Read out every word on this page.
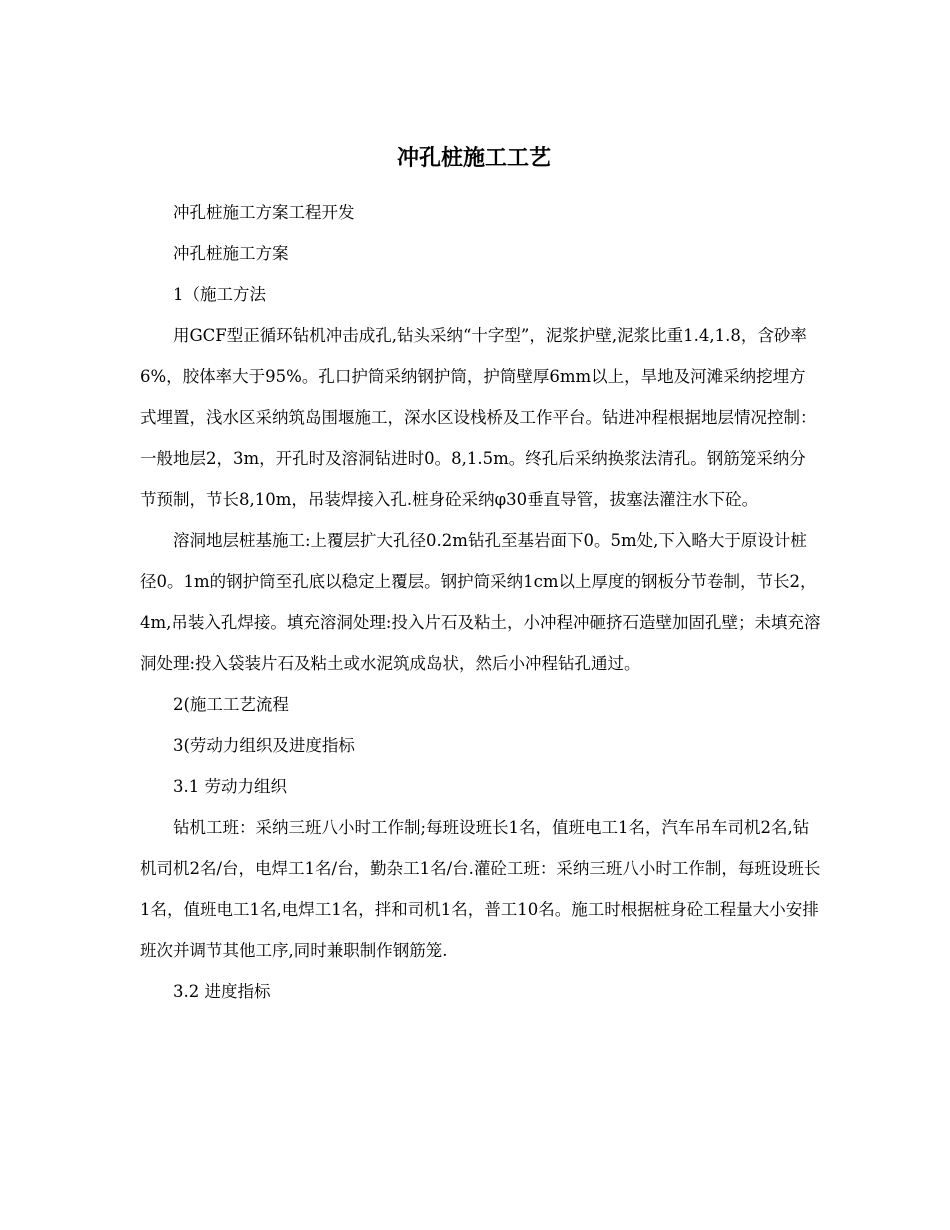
冲孔桩施工工艺

冲孔桩施工方案工程开发

冲孔桩施工方案

1（施工方法

用GCF型正循环钻机冲击成孔,钻头采纳“十字型”，泥浆护壁,泥浆比重1.4,1.8，含砂率6%，胶体率大于95%。孔口护筒采纳钢护筒，护筒壁厚6mm以上，旱地及河滩采纳挖埋方式埋置，浅水区采纳筑岛围堰施工，深水区设栈桥及工作平台。钻进冲程根据地层情况控制：一般地层2，3m，开孔时及溶洞钻进时0。8,1.5m。终孔后采纳换浆法清孔。钢筋笼采纳分节预制，节长8,10m，吊装焊接入孔.桩身砼采纳φ30垂直导管，拔塞法灌注水下砼。

溶洞地层桩基施工:上覆层扩大孔径0.2m钻孔至基岩面下0。5m处,下入略大于原设计桩径0。1m的钢护筒至孔底以稳定上覆层。钢护筒采纳1cm以上厚度的钢板分节卷制，节长2，4m,吊装入孔焊接。填充溶洞处理:投入片石及粘土，小冲程冲砸挤石造壁加固孔壁；未填充溶洞处理:投入袋装片石及粘土或水泥筑成岛状，然后小冲程钻孔通过。

2(施工工艺流程

3(劳动力组织及进度指标

3.1 劳动力组织

钻机工班：采纳三班八小时工作制;每班设班长1名，值班电工1名，汽车吊车司机2名,钻机司机2名/台，电焊工1名/台，勤杂工1名/台.灌砼工班：采纳三班八小时工作制，每班设班长1名，值班电工1名,电焊工1名，拌和司机1名，普工10名。施工时根据桩身砼工程量大小安排班次并调节其他工序,同时兼职制作钢筋笼.

3.2 进度指标
